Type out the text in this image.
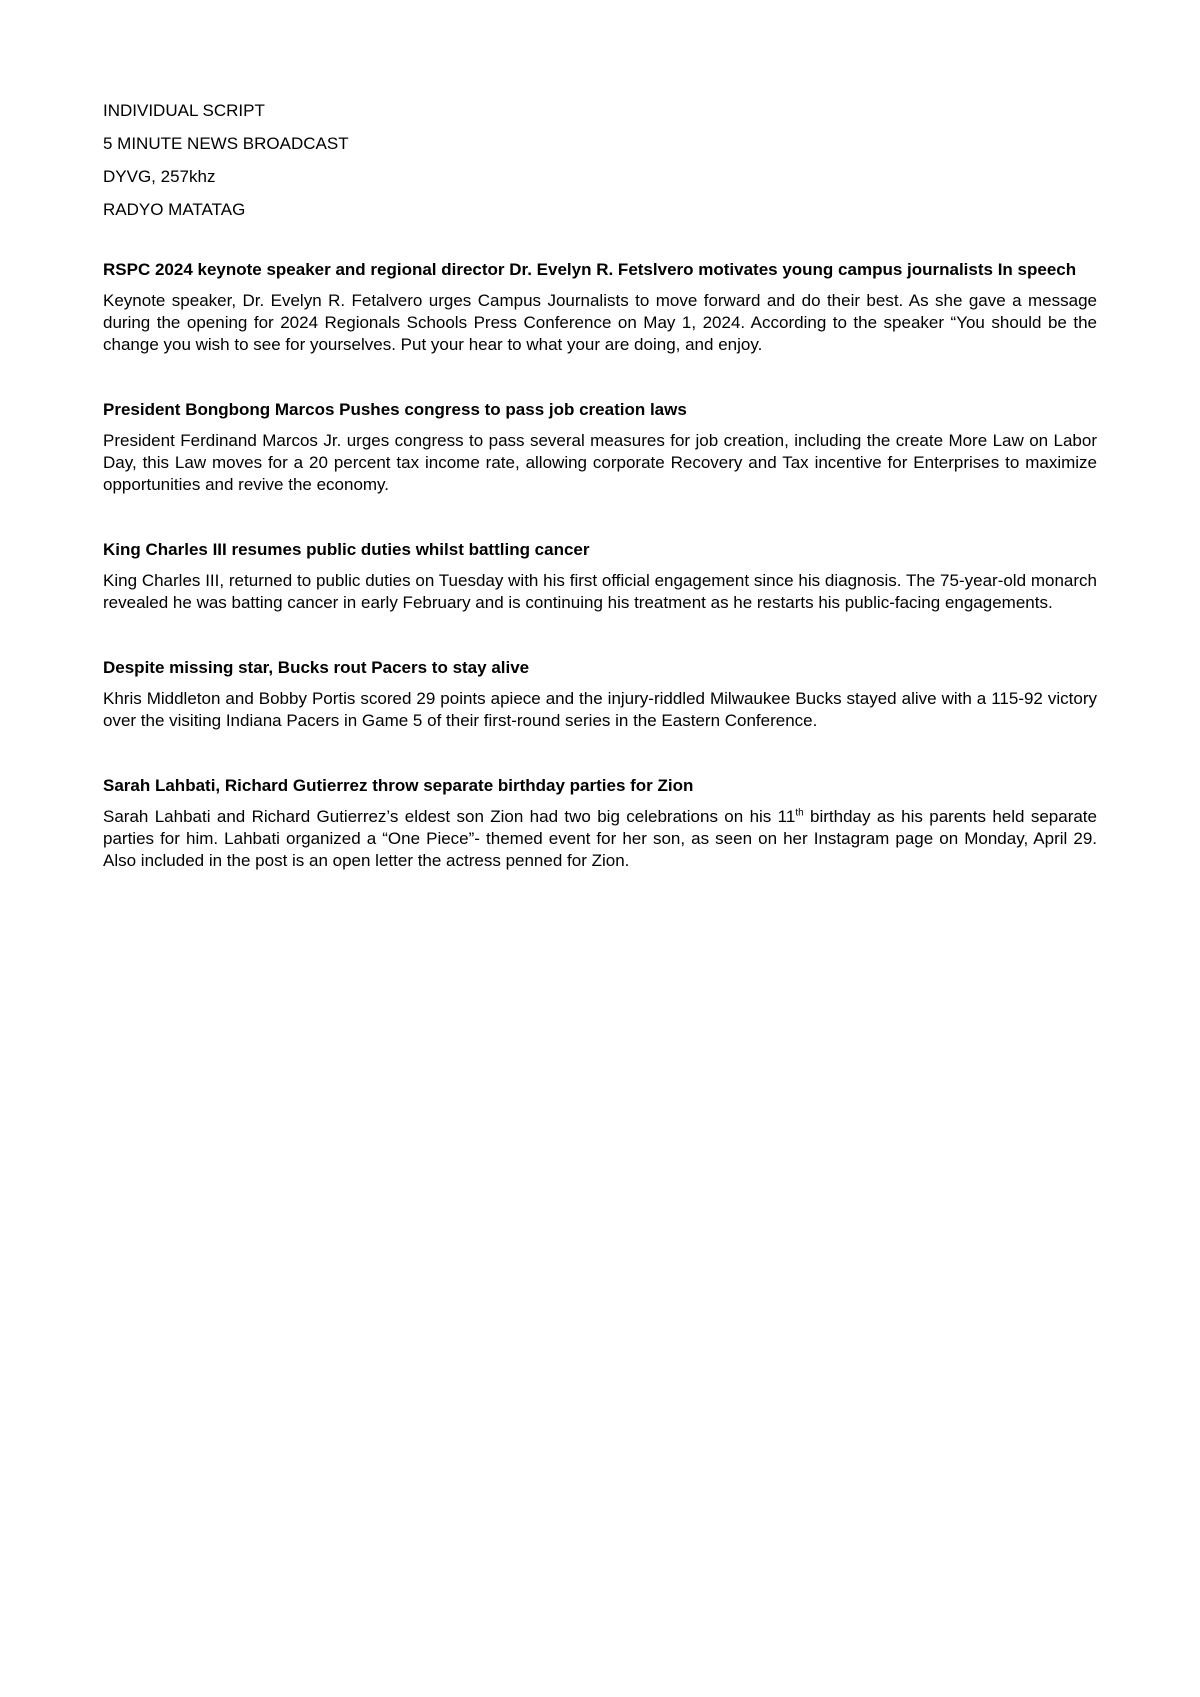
INDIVIDUAL SCRIPT

5 MINUTE NEWS BROADCAST

DYVG, 257khz

RADYO MATATAG

RSPC 2024 keynote speaker and regional director Dr. Evelyn R. Fetslvero motivates young campus journalists In speech

Keynote speaker, Dr. Evelyn R. Fetalvero urges Campus Journalists to move forward and do their best. As she gave a message during the opening for 2024 Regionals Schools Press Conference on May 1, 2024. According to the speaker “You should be the change you wish to see for yourselves. Put your hear to what your are doing, and enjoy.

President Bongbong Marcos Pushes congress to pass job creation laws

President Ferdinand Marcos Jr. urges congress to pass several measures for job creation, including the create More Law on Labor Day, this Law moves for a 20 percent tax income rate, allowing corporate Recovery and Tax incentive for Enterprises to maximize opportunities and revive the economy.

King Charles III resumes public duties whilst battling cancer

King Charles III, returned to public duties on Tuesday with his first official engagement since his diagnosis. The 75-year-old monarch revealed he was batting cancer in early February and is continuing his treatment as he restarts his public-facing engagements.

Despite missing star, Bucks rout Pacers to stay alive

Khris Middleton and Bobby Portis scored 29 points apiece and the injury-riddled Milwaukee Bucks stayed alive with a 115-92 victory over the visiting Indiana Pacers in Game 5 of their first-round series in the Eastern Conference.

Sarah Lahbati, Richard Gutierrez throw separate birthday parties for Zion

Sarah Lahbati and Richard Gutierrez’s eldest son Zion had two big celebrations on his 11th birthday as his parents held separate parties for him. Lahbati organized a “One Piece”- themed event for her son, as seen on her Instagram page on Monday, April 29. Also included in the post is an open letter the actress penned for Zion.
